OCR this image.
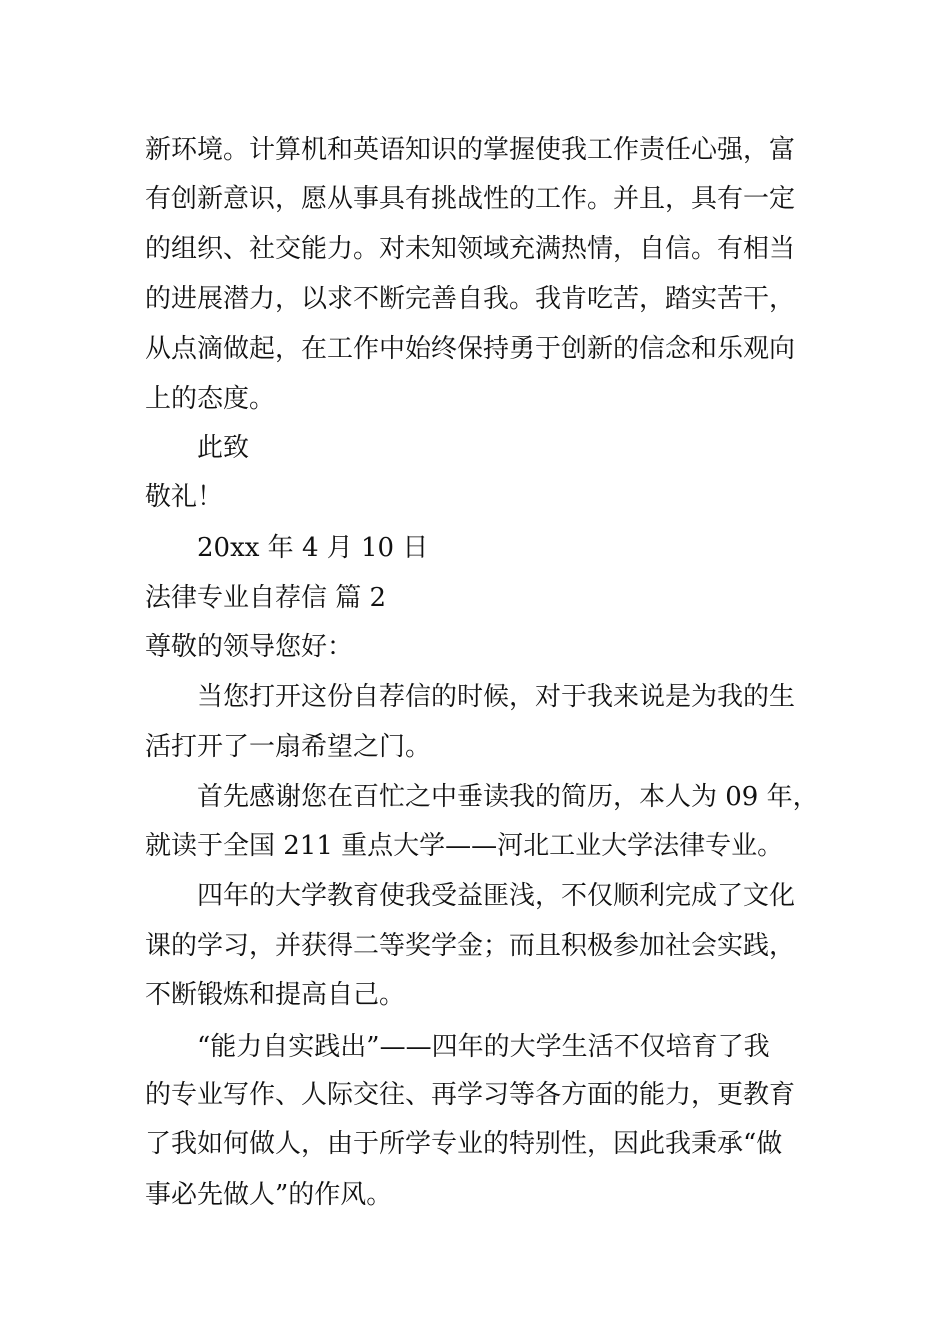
新环境。计算机和英语知识的掌握使我工作责任心强，富
有创新意识，愿从事具有挑战性的工作。并且，具有一定
的组织、社交能力。对未知领域充满热情，自信。有相当
的进展潜力，以求不断完善自我。我肯吃苦，踏实苦干，
从点滴做起，在工作中始终保持勇于创新的信念和乐观向
上的态度。
此致
敬礼！
20xx 年 4 月 10 日
法律专业自荐信 篇 2
尊敬的领导您好：
当您打开这份自荐信的时候，对于我来说是为我的生
活打开了一扇希望之门。
首先感谢您在百忙之中垂读我的简历，本人为 09 年，
就读于全国 211 重点大学——河北工业大学法律专业。
四年的大学教育使我受益匪浅，不仅顺利完成了文化
课的学习，并获得二等奖学金；而且积极参加社会实践，
不断锻炼和提高自己。
“能力自实践出”——四年的大学生活不仅培育了我
的专业写作、人际交往、再学习等各方面的能力，更教育
了我如何做人，由于所学专业的特别性，因此我秉承“做
事必先做人”的作风。
